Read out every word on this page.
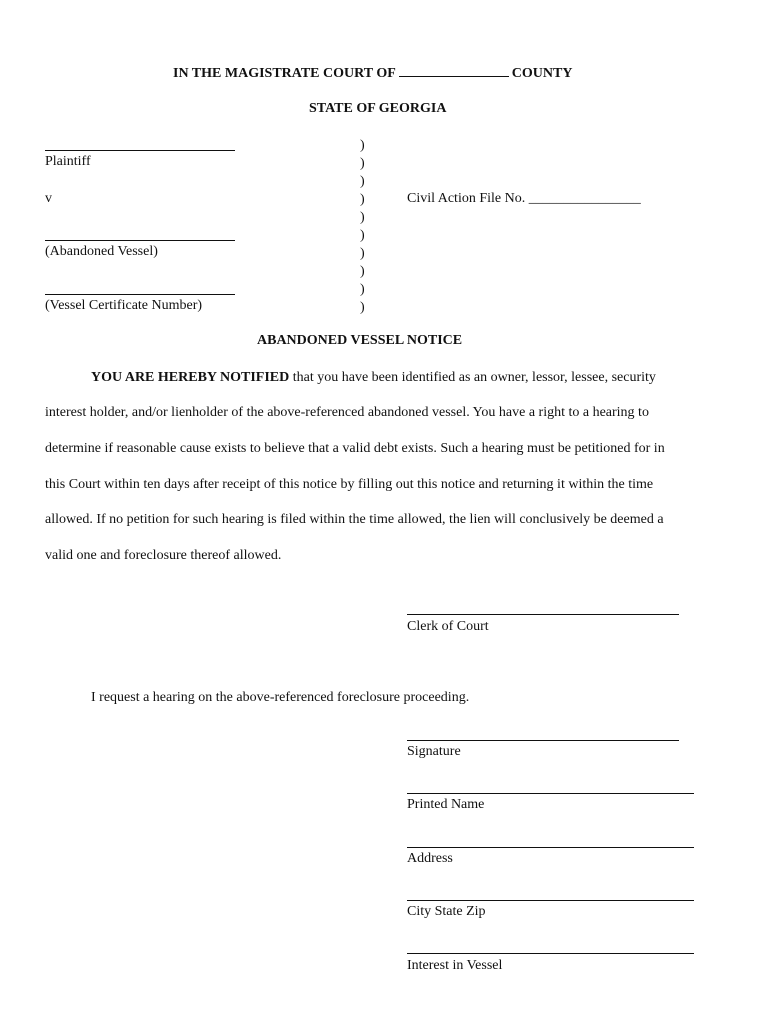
IN THE MAGISTRATE COURT OF	COUNTY
STATE OF GEORGIA
Plaintiff
v
(Abandoned Vessel)
(Vessel Certificate Number)
)
)
)
)
)
)
)
)
)
)
Civil Action File No. ________________
ABANDONED VESSEL NOTICE
YOU ARE HEREBY NOTIFIED that you have been identified as an owner, lessor, lessee, security
interest holder, and/or lienholder of the above-referenced abandoned vessel. You have a right to a hearing to
determine if reasonable cause exists to believe that a valid debt exists. Such a hearing must be petitioned for in
this Court within ten days after receipt of this notice by filling out this notice and returning it within the time
allowed. If no petition for such hearing is filed within the time allowed, the lien will conclusively be deemed a
valid one and foreclosure thereof allowed.
Clerk of Court
I request a hearing on the above-referenced foreclosure proceeding.
Signature
Printed Name
Address
City State Zip
Interest in Vessel
